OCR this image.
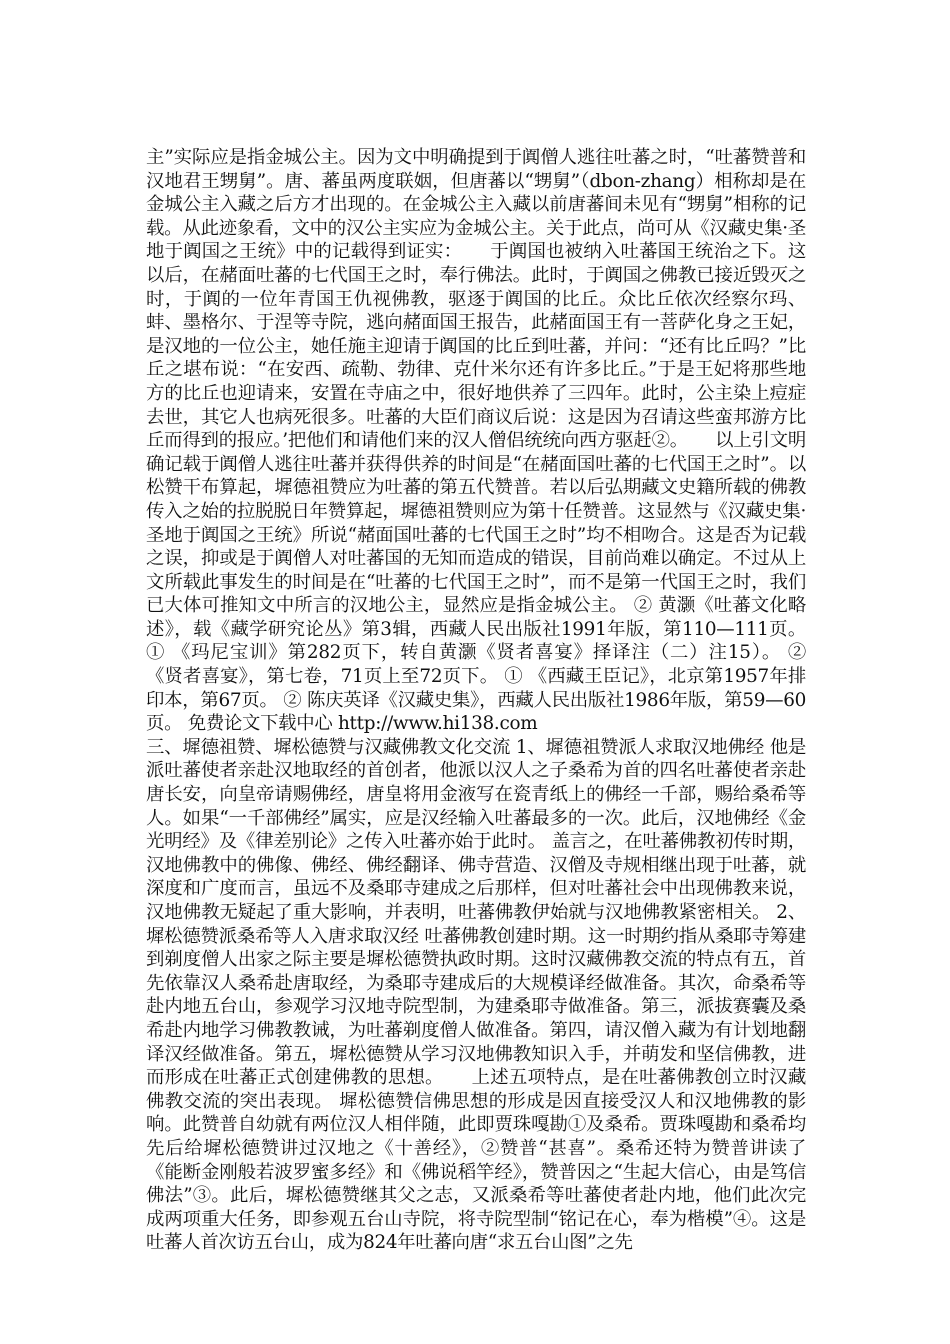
主”实际应是指金城公主。因为文中明确提到于阗僧人逃往吐蕃之时，“吐蕃赞普和汉地君王甥舅”。唐、蕃虽两度联姻，但唐蕃以“甥舅”（dbon-zhang）相称却是在金城公主入藏之后方才出现的。在金城公主入藏以前唐蕃间未见有“甥舅”相称的记载。从此迹象看，文中的汉公主实应为金城公主。关于此点，尚可从《汉藏史集·圣地于阗国之王统》中的记载得到证实：　　于阗国也被纳入吐蕃国王统治之下。这以后，在赭面吐蕃的七代国王之时，奉行佛法。此时，于阗国之佛教已接近毁灭之时，于阗的一位年青国王仇视佛教，驱逐于阗国的比丘。众比丘依次经察尔玛、蚌、墨格尔、于涅等寺院，逃向赭面国王报告，此赭面国王有一菩萨化身之王妃，是汉地的一位公主，她任施主迎请于阗国的比丘到吐蕃，并问：“还有比丘吗？”比丘之堪布说：“在安西、疏勒、勃律、克什米尔还有许多比丘。”于是王妃将那些地方的比丘也迎请来，安置在寺庙之中，很好地供养了三四年。此时，公主染上痘症去世，其它人也病死很多。吐蕃的大臣们商议后说：这是因为召请这些蛮邦游方比丘而得到的报应。’把他们和请他们来的汉人僧侣统统向西方驱赶②。　　以上引文明确记载于阗僧人逃往吐蕃并获得供养的时间是“在赭面国吐蕃的七代国王之时”。以松赞干布算起，墀德祖赞应为吐蕃的第五代赞普。若以后弘期藏文史籍所载的佛教传入之始的拉脱脱日年赞算起，墀德祖赞则应为第十任赞普。这显然与《汉藏史集·圣地于阗国之王统》所说“赭面国吐蕃的七代国王之时”均不相吻合。这是否为记载之误，抑或是于阗僧人对吐蕃国的无知而造成的错误，目前尚难以确定。不过从上文所载此事发生的时间是在“吐蕃的七代国王之时”，而不是第一代国王之时，我们已大体可推知文中所言的汉地公主，显然应是指金城公主。 ② 黄灏《吐蕃文化略述》，载《藏学研究论丛》第3辑，西藏人民出版社1991年版，第110—111页。 ① 《玛尼宝训》第282页下，转自黄灏《贤者喜宴》择译注（二）注15）。 ② 《贤者喜宴》，第七卷，71页上至72页下。 ① 《西藏王臣记》，北京第1957年排印本，第67页。 ② 陈庆英译《汉藏史集》，西藏人民出版社1986年版，第59—60页。 免费论文下载中心 http://www.hi138.com

三、墀德祖赞、墀松德赞与汉藏佛教文化交流 1、墀德祖赞派人求取汉地佛经 他是派吐蕃使者亲赴汉地取经的首创者，他派以汉人之子桑希为首的四名吐蕃使者亲赴唐长安，向皇帝请赐佛经，唐皇将用金液写在瓷青纸上的佛经一千部，赐给桑希等人。如果“一千部佛经”属实，应是汉经输入吐蕃最多的一次。此后，汉地佛经《金光明经》及《律差别论》之传入吐蕃亦始于此时。 盖言之，在吐蕃佛教初传时期，汉地佛教中的佛像、佛经、佛经翻译、佛寺营造、汉僧及寺规相继出现于吐蕃，就深度和广度而言，虽远不及桑耶寺建成之后那样，但对吐蕃社会中出现佛教来说，汉地佛教无疑起了重大影响，并表明，吐蕃佛教伊始就与汉地佛教紧密相关。 2、墀松德赞派桑希等人入唐求取汉经 吐蕃佛教创建时期。这一时期约指从桑耶寺筹建到剃度僧人出家之际主要是墀松德赞执政时期。这时汉藏佛教交流的特点有五，首先依靠汉人桑希赴唐取经，为桑耶寺建成后的大规模译经做准备。其次，命桑希等赴内地五台山，参观学习汉地寺院型制，为建桑耶寺做准备。第三，派拔赛囊及桑希赴内地学习佛教教诫，为吐蕃剃度僧人做准备。第四，请汉僧入藏为有计划地翻译汉经做准备。第五，墀松德赞从学习汉地佛教知识入手，并萌发和坚信佛教，进而形成在吐蕃正式创建佛教的思想。　　上述五项特点，是在吐蕃佛教创立时汉藏佛教交流的突出表现。 墀松德赞信佛思想的形成是因直接受汉人和汉地佛教的影响。此赞普自幼就有两位汉人相伴随，此即贾珠嘎勘①及桑希。贾珠嘎勘和桑希均先后给墀松德赞讲过汉地之《十善经》，②赞普“甚喜”。桑希还特为赞普讲读了《能断金刚般若波罗蜜多经》和《佛说稻竿经》，赞普因之“生起大信心，由是笃信佛法”③。此后，墀松德赞继其父之志，又派桑希等吐蕃使者赴内地，他们此次完成两项重大任务，即参观五台山寺院，将寺院型制“铭记在心，奉为楷模”④。这是吐蕃人首次访五台山，成为824年吐蕃向唐“求五台山图”之先
